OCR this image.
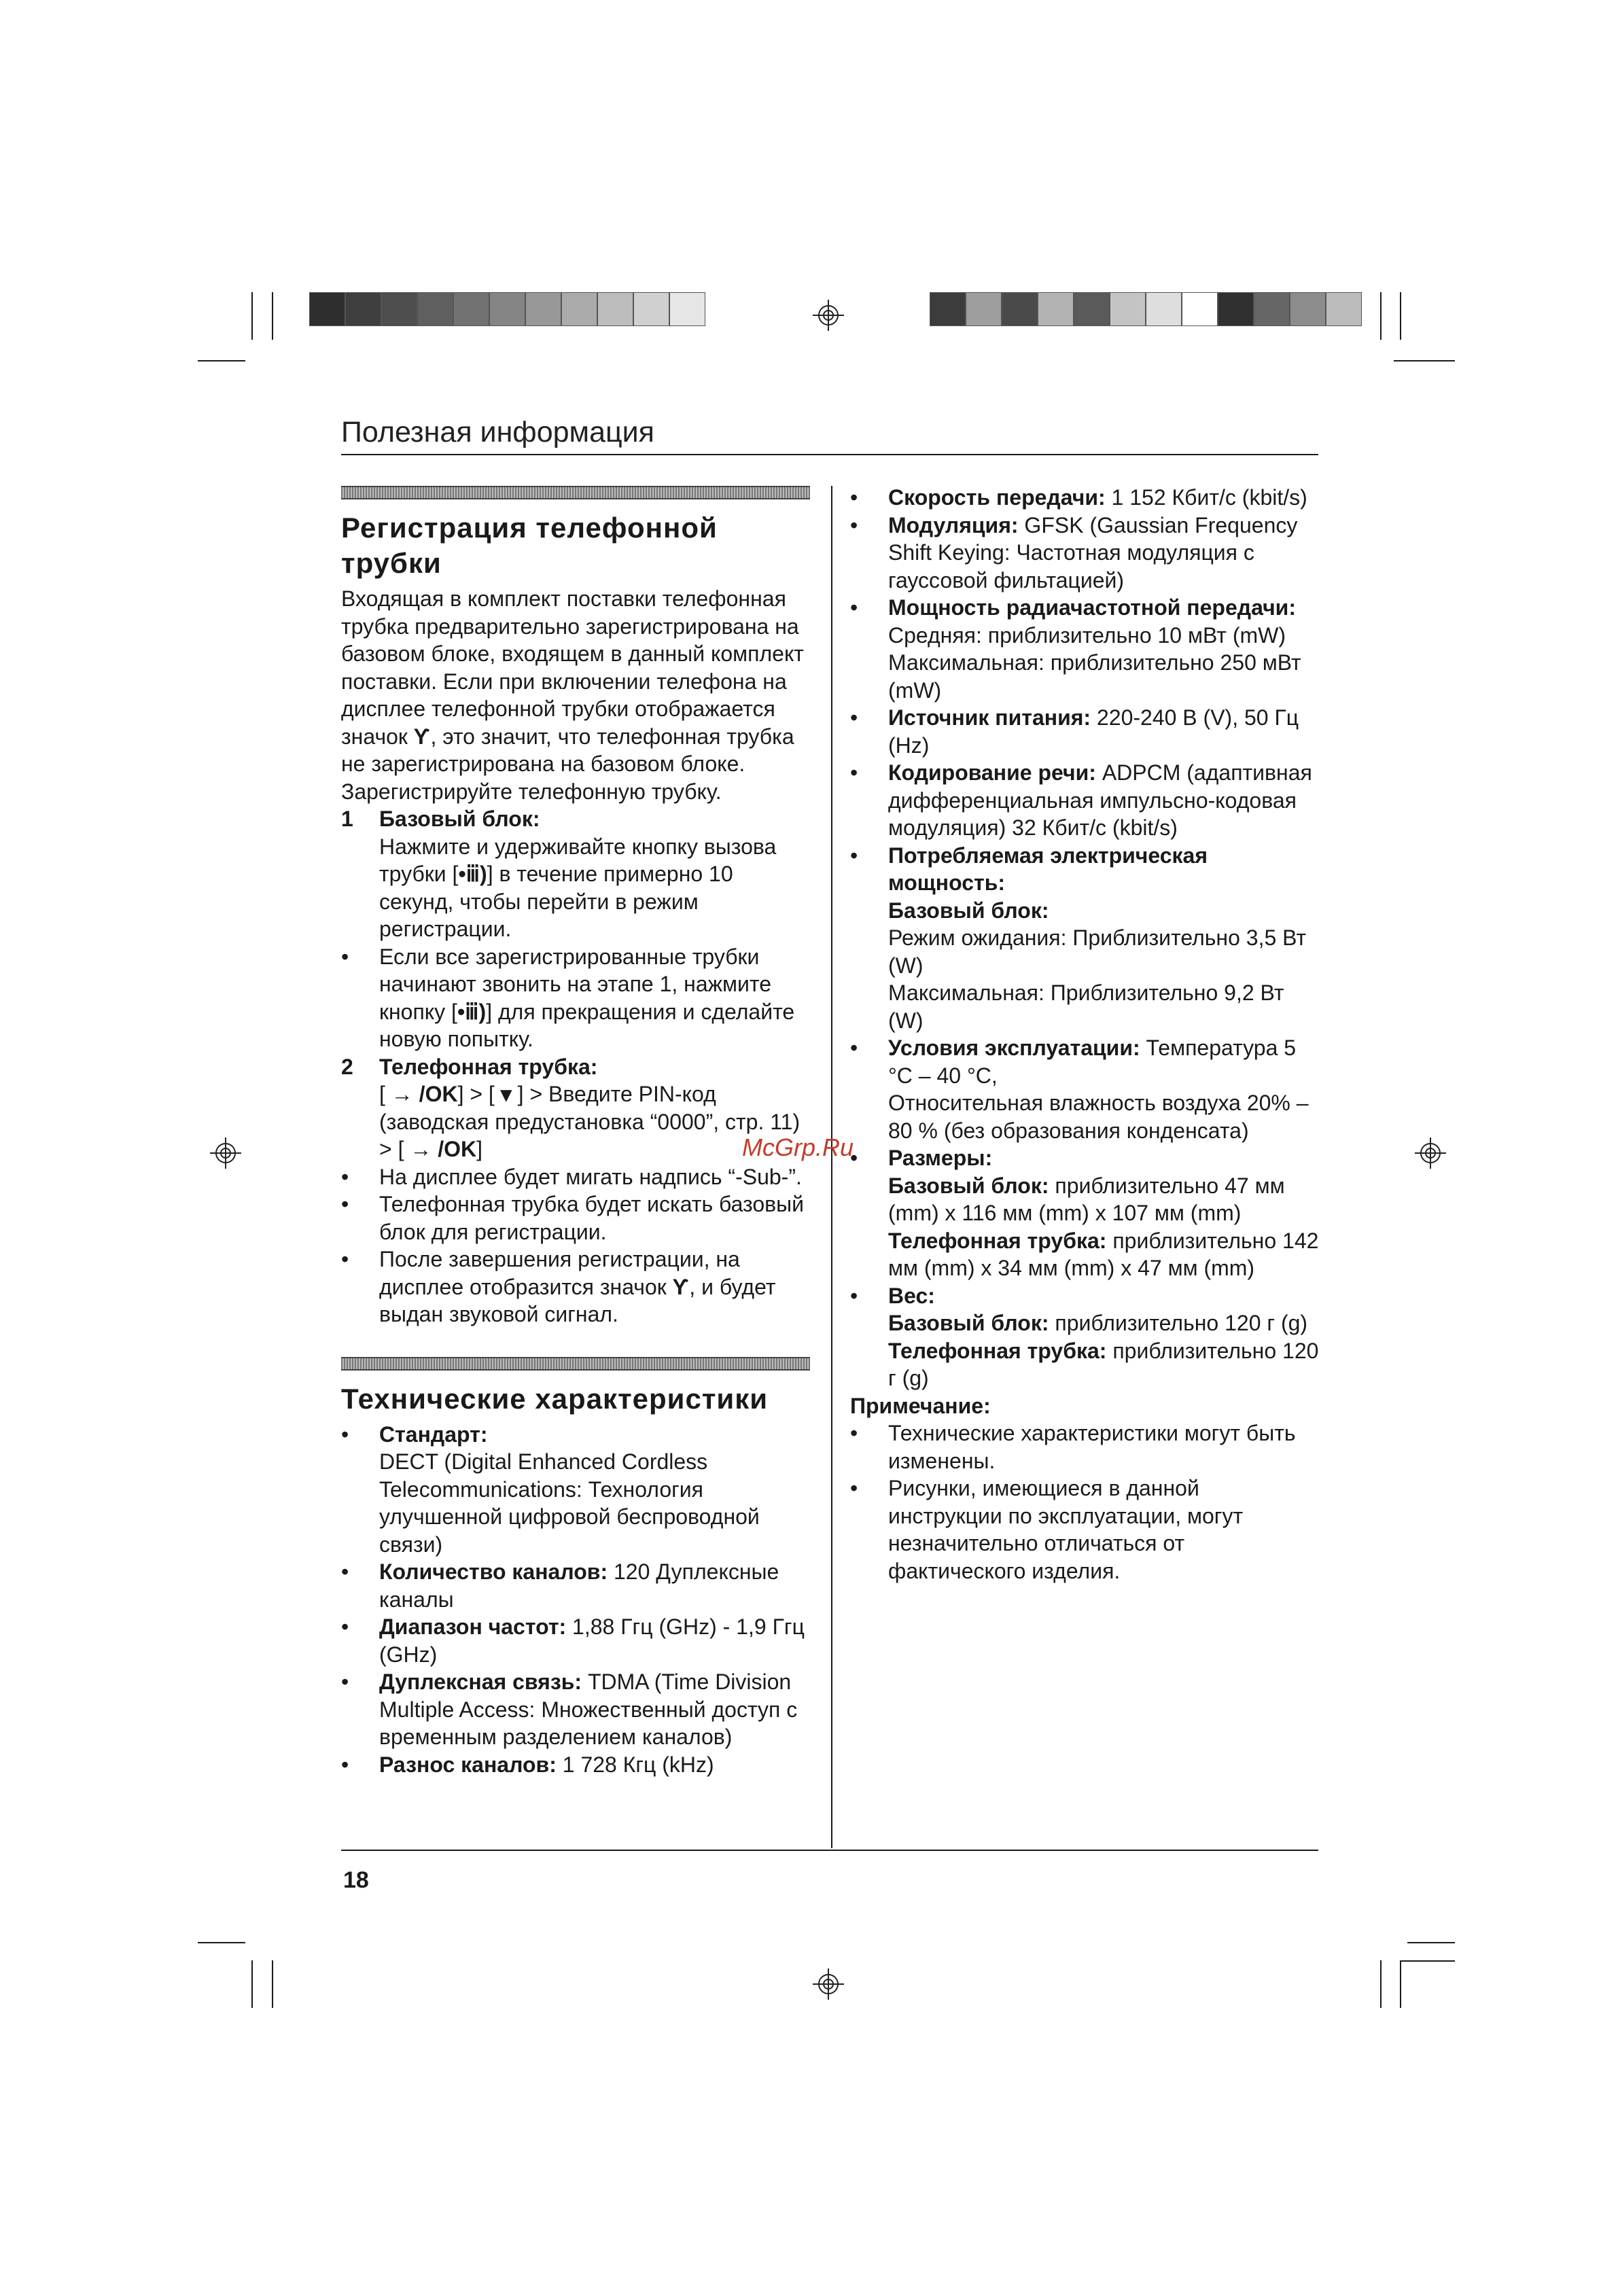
Полезная информация
Регистрация телефонной трубки

Входящая в комплект поставки телефонная трубка предварительно зарегистрирована на базовом блоке, входящем в данный комплект поставки. Если при включении телефона на дисплее телефонной трубки отображается значок Ƴ, это значит, что телефонная трубка не зарегистрирована на базовом блоке. Зарегистрируйте телефонную трубку.

1	Базовый блок:
Нажмите и удерживайте кнопку вызова трубки [•ⅲ)] в течение примерно 10 секунд, чтобы перейти в режим регистрации.
•	Если все зарегистрированные трубки начинают звонить на этапе 1, нажмите кнопку [•ⅲ)] для прекращения и сделайте новую попытку.
2	Телефонная трубка:
[ → /OK] > [ ▾ ] > Введите PIN-код (заводская предустановка “0000”, стр. 11) > [ → /OK]
•	На дисплее будет мигать надпись “-Sub-”.
•	Телефонная трубка будет искать базовый блок для регистрации.
•	После завершения регистрации, на дисплее отобразится значок Ƴ, и будет выдан звуковой сигнал.
Технические характеристики
•	Стандарт:
DECT (Digital Enhanced Cordless Telecommunications: Технология улучшенной цифровой беспроводной связи)
•	Количество каналов: 120 Дуплексные каналы
•	Диапазон частот: 1,88 Ггц (GHz) - 1,9 Ггц (GHz)
•	Дуплексная связь: TDMA (Time Division Multiple Access: Множественный доступ с временным разделением каналов)
•	Разнос каналов: 1 728 Кгц (kHz)
•	Скорость передачи: 1 152 Кбит/с (kbit/s)
•	Модуляция: GFSK (Gaussian Frequency Shift Keying: Частотная модуляция с гауссовой фильтацией)
•	Мощность радиачастотной передачи:
Средняя: приблизительно 10 мВт (mW)
Максимальная: приблизительно 250 мВт (mW)
•	Источник питания: 220-240 В (V), 50 Гц (Hz)
•	Кодирование речи: ADPCM (адаптивная дифференциальная импульсно-кодовая модуляция) 32 Кбит/с (kbit/s)
•	Потребляемая электрическая мощность:
Базовый блок:
Режим ожидания: Приблизительно 3,5 Вт (W)
Максимальная: Приблизительно 9,2 Вт (W)
•	Условия эксплуатации: Температура 5 °C – 40 °C,
Относительная влажность воздуха 20% – 80 % (без образования конденсата)
•	Размеры:
Базовый блок: приблизительно 47 мм (mm) x 116 мм (mm) x 107 мм (mm)
Телефонная трубка: приблизительно 142 мм (mm) x 34 мм (mm) x 47 мм (mm)
•	Вес:
Базовый блок: приблизительно 120 г (g)
Телефонная трубка: приблизительно 120 г (g)

Примечание:

•	Технические характеристики могут быть изменены.
•	Рисунки, имеющиеся в данной инструкции по эксплуатации, могут незначительно отличаться от фактического изделия.
McGrp.Ru
18
